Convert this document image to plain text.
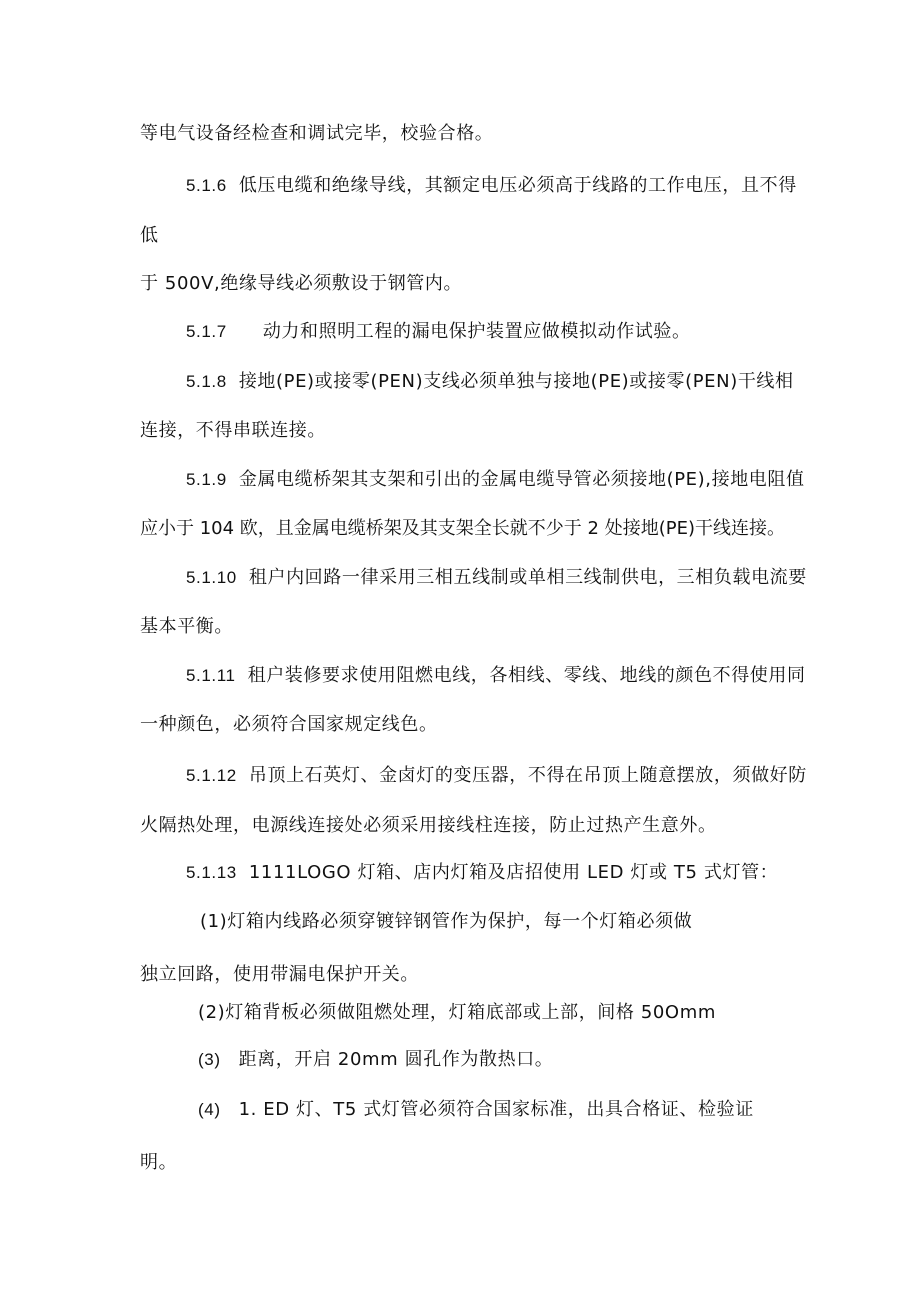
等电气设备经检查和调试完毕，校验合格。
5.1.6 低压电缆和绝缘导线，其额定电压必须高于线路的工作电压，且不得
低
于 500V,绝缘导线必须敷设于钢管内。
5.1.7 动力和照明工程的漏电保护装置应做模拟动作试验。
5.1.8 接地(PE)或接零(PEN)支线必须单独与接地(PE)或接零(PEN)干线相
连接，不得串联连接。
5.1.9 金属电缆桥架其支架和引出的金属电缆导管必须接地(PE),接地电阻值
应小于 104 欧，且金属电缆桥架及其支架全长就不少于 2 处接地(PE)干线连接。
5.1.10 租户内回路一律采用三相五线制或单相三线制供电，三相负载电流要
基本平衡。
5.1.11 租户装修要求使用阻燃电线，各相线、零线、地线的颜色不得使用同
一种颜色，必须符合国家规定线色。
5.1.12 吊顶上石英灯、金卤灯的变压器，不得在吊顶上随意摆放，须做好防
火隔热处理，电源线连接处必须采用接线柱连接，防止过热产生意外。
5.1.13 1111LOGO 灯箱、店内灯箱及店招使用 LED 灯或 T5 式灯管：
(1)灯箱内线路必须穿镀锌钢管作为保护，每一个灯箱必须做
独立回路，使用带漏电保护开关。
(2)灯箱背板必须做阻燃处理，灯箱底部或上部，间格 50Omm
(3) 距离，开启 20mm 圆孔作为散热口。
(4) 1. ED 灯、T5 式灯管必须符合国家标准，出具合格证、检验证
明。
